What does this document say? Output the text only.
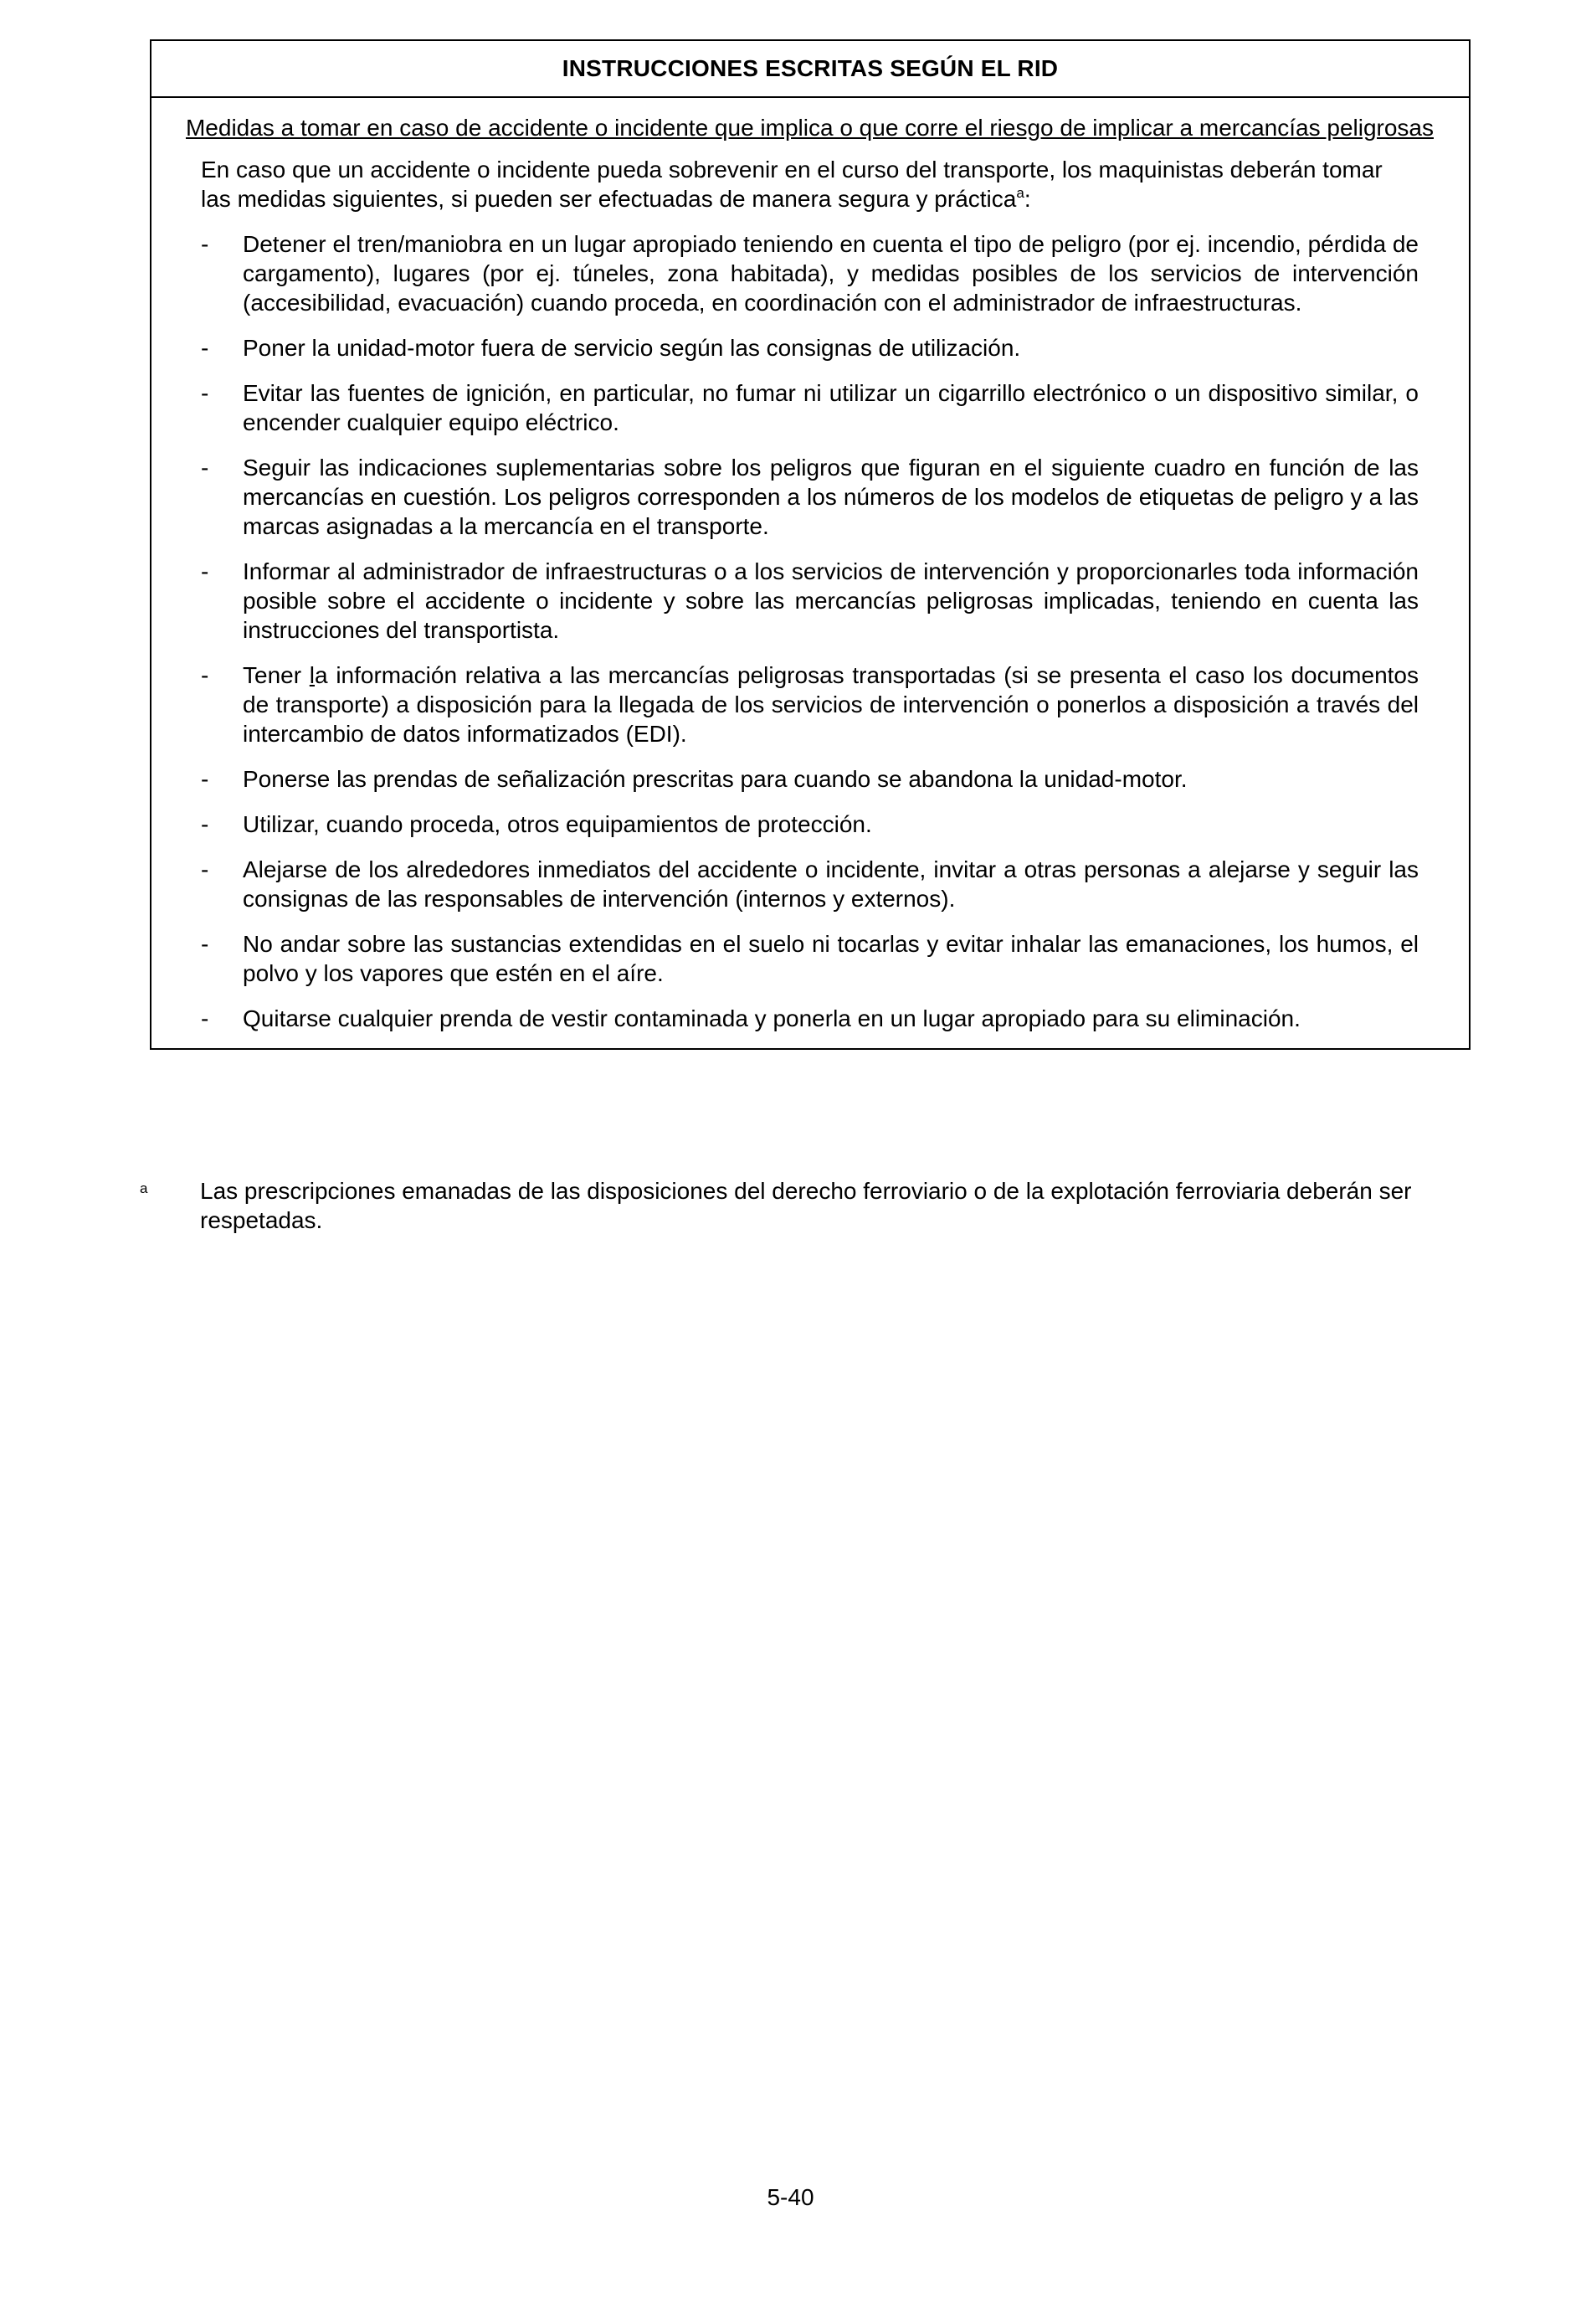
INSTRUCCIONES ESCRITAS SEGÚN EL RID
Medidas a tomar en caso de accidente o incidente que implica o que corre el riesgo de implicar a mercancías peligrosas

En caso que un accidente o incidente pueda sobrevenir en el curso del transporte, los maquinistas deberán tomar las medidas siguientes, si pueden ser efectuadas de manera segura y práctica$^a$:

-	Detener el tren/maniobra en un lugar apropiado teniendo en cuenta el tipo de peligro (por ej. incendio, pérdida de cargamento), lugares (por ej. túneles, zona habitada), y medidas posibles de los servicios de intervención (accesibilidad, evacuación) cuando proceda, en coordinación con el administrador de infraestructuras.
-	Poner la unidad-motor fuera de servicio según las consignas de utilización.
-	Evitar las fuentes de ignición, en particular, no fumar ni utilizar un cigarrillo electrónico o un dispositivo similar, o encender cualquier equipo eléctrico.
-	Seguir las indicaciones suplementarias sobre los peligros que figuran en el siguiente cuadro en función de las mercancías en cuestión. Los peligros corresponden a los números de los modelos de etiquetas de peligro y a las marcas asignadas a la mercancía en el transporte.
-	Informar al administrador de infraestructuras o a los servicios de intervención y proporcionarles toda información posible sobre el accidente o incidente y sobre las mercancías peligrosas implicadas, teniendo en cuenta las instrucciones del transportista.
-	Tener la información relativa a las mercancías peligrosas transportadas (si se presenta el caso los documentos de transporte) a disposición para la llegada de los servicios de intervención o ponerlos a disposición a través del intercambio de datos informatizados (EDI).
-	Ponerse las prendas de señalización prescritas para cuando se abandona la unidad-motor.
-	Utilizar, cuando proceda, otros equipamientos de protección.
-	Alejarse de los alrededores inmediatos del accidente o incidente, invitar a otras personas a alejarse y seguir las consignas de las responsables de intervención (internos y externos).
-	No andar sobre las sustancias extendidas en el suelo ni tocarlas y evitar inhalar las emanaciones, los humos, el polvo y los vapores que estén en el aíre.
-	Quitarse cualquier prenda de vestir contaminada y ponerla en un lugar apropiado para su eliminación.
a	Las prescripciones emanadas de las disposiciones del derecho ferroviario o de la explotación ferroviaria deberán ser respetadas.
5-40
